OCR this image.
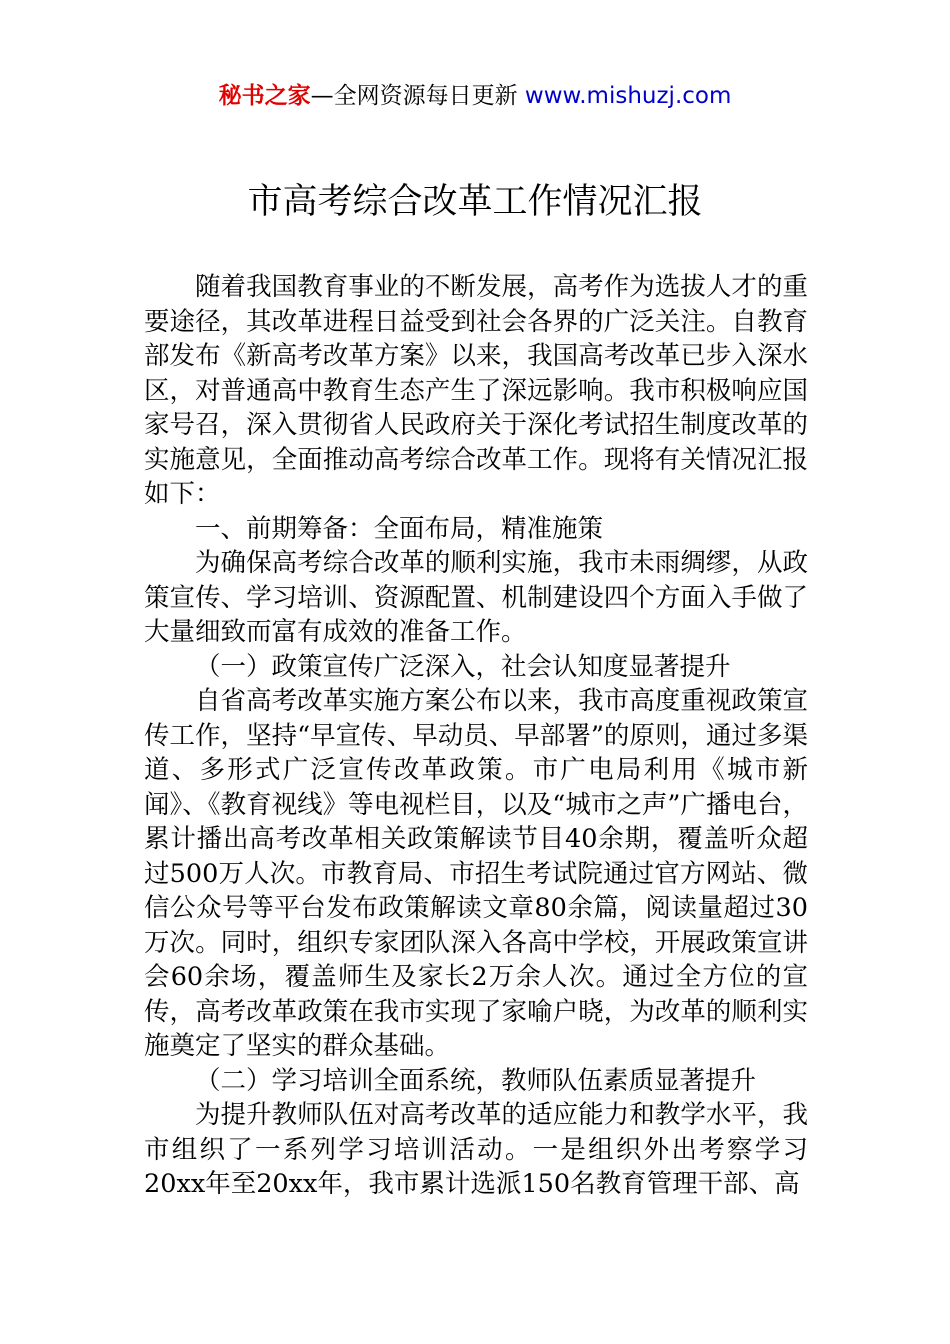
秘书之家—全网资源每日更新 www.mishuzj.com
市高考综合改革工作情况汇报

随着我国教育事业的不断发展，高考作为选拔人才的重要途径，其改革进程日益受到社会各界的广泛关注。自教育部发布《新高考改革方案》以来，我国高考改革已步入深水区，对普通高中教育生态产生了深远影响。我市积极响应国家号召，深入贯彻省人民政府关于深化考试招生制度改革的实施意见，全面推动高考综合改革工作。现将有关情况汇报如下：

一、前期筹备：全面布局，精准施策

为确保高考综合改革的顺利实施，我市未雨绸缪，从政策宣传、学习培训、资源配置、机制建设四个方面入手做了大量细致而富有成效的准备工作。

（一）政策宣传广泛深入，社会认知度显著提升

自省高考改革实施方案公布以来，我市高度重视政策宣传工作，坚持“早宣传、早动员、早部署”的原则，通过多渠道、多形式广泛宣传改革政策。市广电局利用《城市新闻》、《教育视线》等电视栏目，以及“城市之声”广播电台，累计播出高考改革相关政策解读节目40余期，覆盖听众超过500万人次。市教育局、市招生考试院通过官方网站、微信公众号等平台发布政策解读文章80余篇，阅读量超过30万次。同时，组织专家团队深入各高中学校，开展政策宣讲会60余场，覆盖师生及家长2万余人次。通过全方位的宣传，高考改革政策在我市实现了家喻户晓，为改革的顺利实施奠定了坚实的群众基础。

（二）学习培训全面系统，教师队伍素质显著提升

为提升教师队伍对高考改革的适应能力和教学水平，我市组织了一系列学习培训活动。一是组织外出考察学习20xx年至20xx年，我市累计选派150名教育管理干部、高
